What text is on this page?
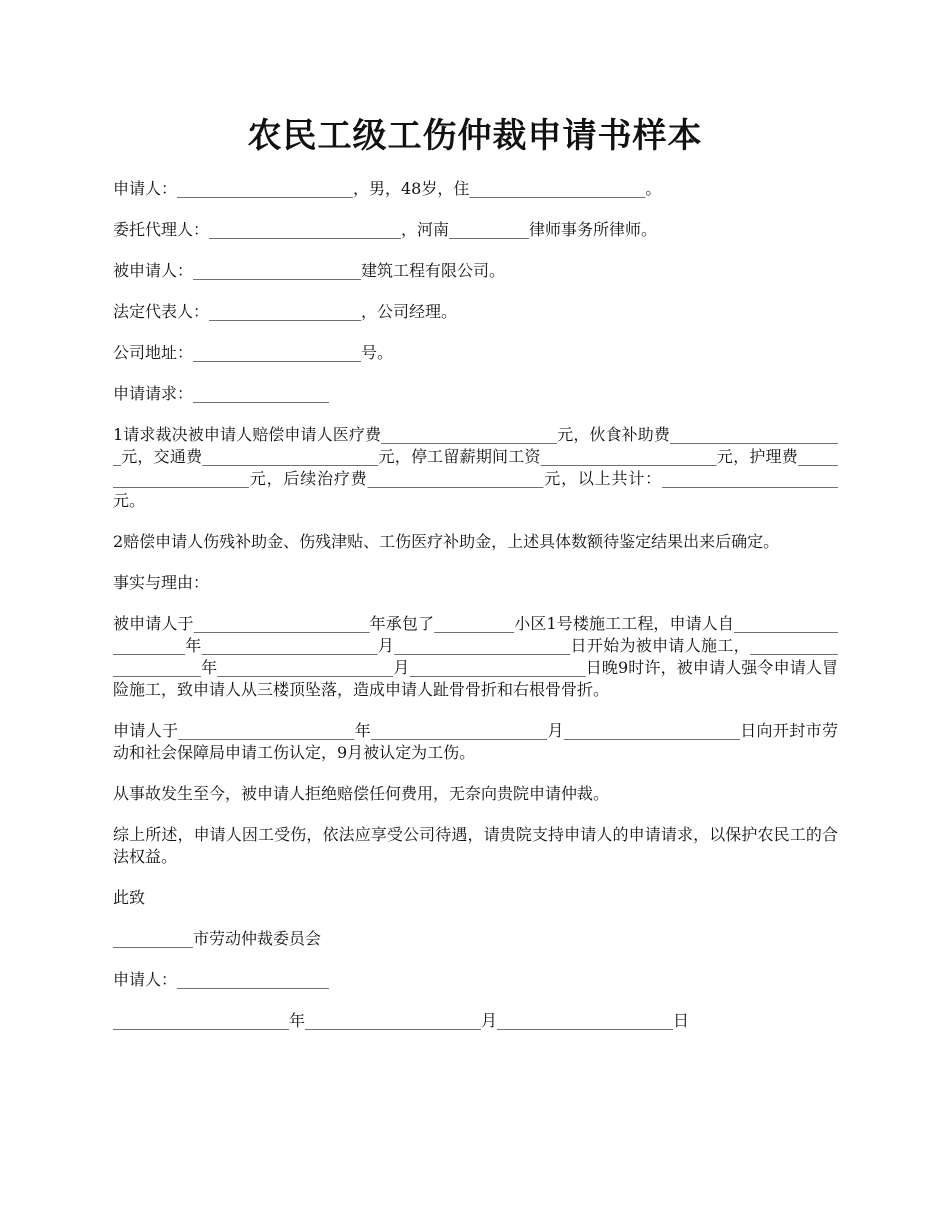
农民工级工伤仲裁申请书样本

申请人：______________________，男，48岁，住______________________。

委托代理人：________________________，河南__________律师事务所律师。

被申请人：_____________________建筑工程有限公司。

法定代表人：___________________，公司经理。

公司地址：_____________________号。

申请请求：_________________

1请求裁决被申请人赔偿申请人医疗费______________________元，伙食补助费______________________元，交通费______________________元，停工留薪期间工资______________________元，护理费______________________元，后续治疗费______________________元，以上共计：______________________元。

2赔偿申请人伤残补助金、伤残津贴、工伤医疗补助金，上述具体数额待鉴定结果出来后确定。

事实与理由：

被申请人于______________________年承包了__________小区1号楼施工工程，申请人自______________________年______________________月______________________日开始为被申请人施工，______________________年______________________月______________________日晚9时许，被申请人强令申请人冒险施工，致申请人从三楼顶坠落，造成申请人趾骨骨折和右根骨骨折。

申请人于______________________年______________________月______________________日向开封市劳动和社会保障局申请工伤认定，9月被认定为工伤。

从事故发生至今，被申请人拒绝赔偿任何费用，无奈向贵院申请仲裁。

综上所述，申请人因工受伤，依法应享受公司待遇，请贵院支持申请人的申请请求，以保护农民工的合法权益。

此致

__________市劳动仲裁委员会

申请人：___________________

______________________年______________________月______________________日
